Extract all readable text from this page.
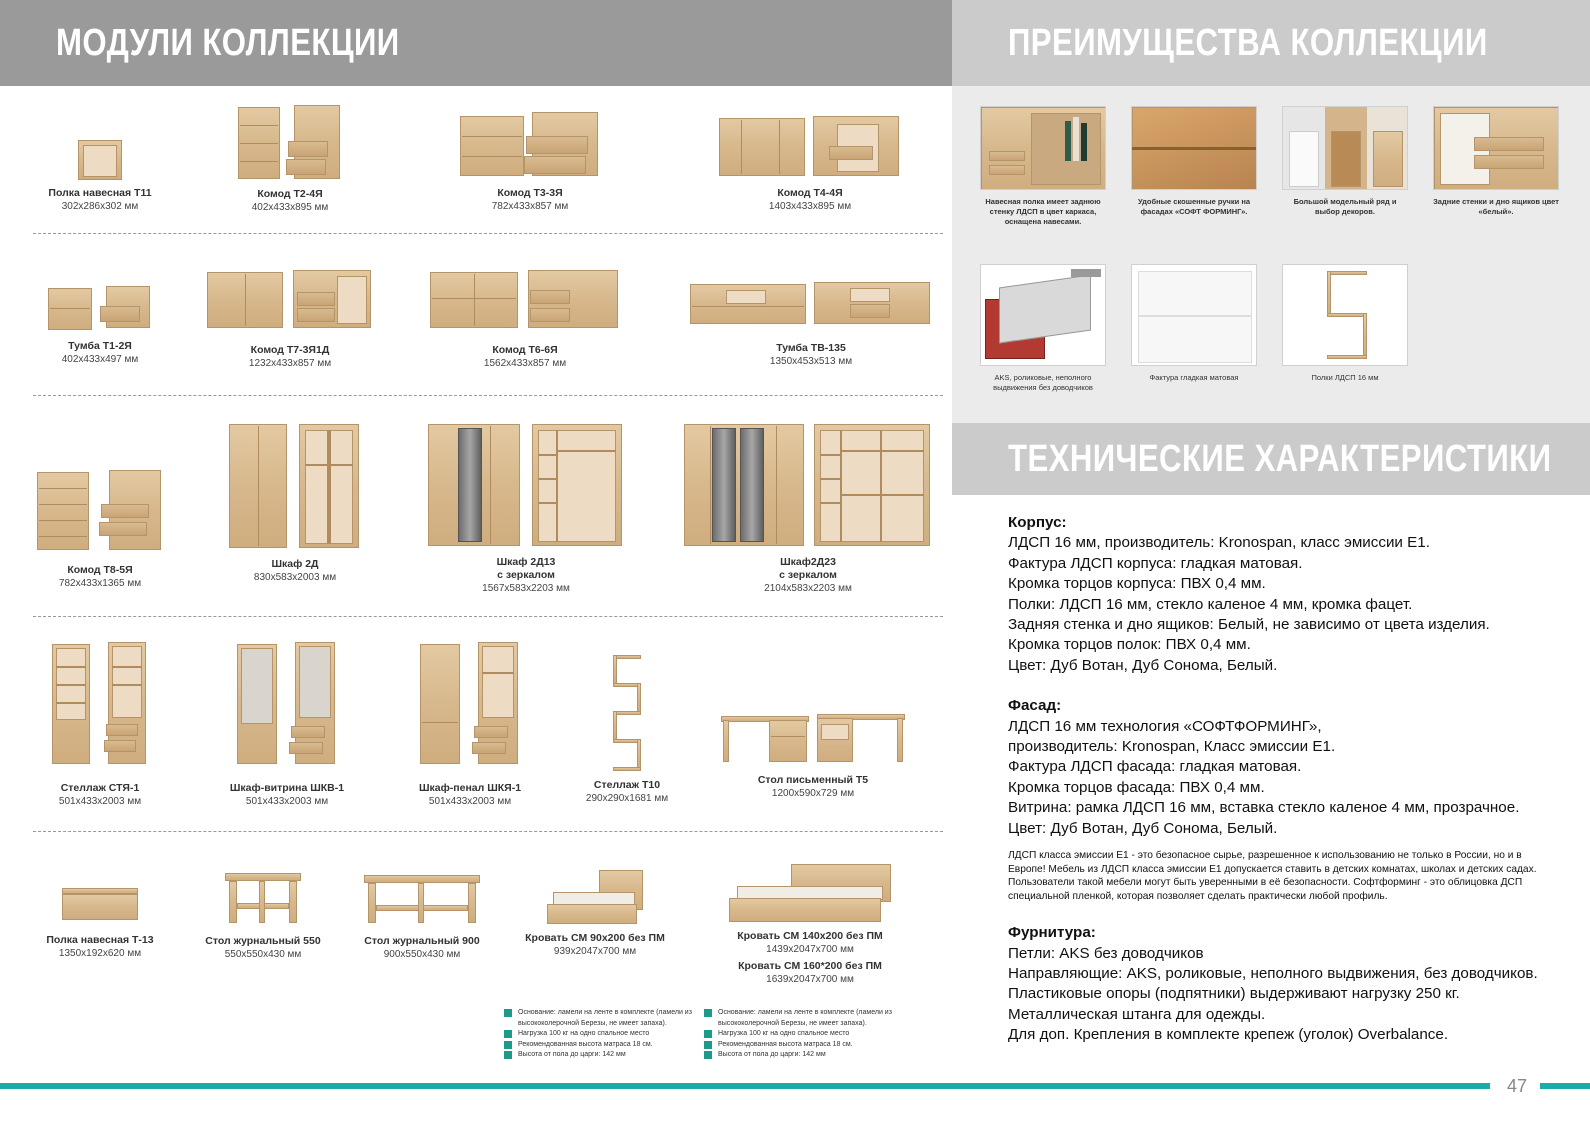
МОДУЛИ КОЛЛЕКЦИИ	ПРЕИМУЩЕСТВА КОЛЛЕКЦИИ
ТЕХНИЧЕСКИЕ ХАРАКТЕРИСТИКИ
Полка навесная Т11
302х286х302 мм
Комод Т2-4Я
402х433х895 мм
Комод Т3-3Я
782х433х857 мм
Комод Т4-4Я
1403х433х895 мм
Тумба Т1-2Я
402х433х497 мм
Комод Т7-3Я1Д
1232х433х857 мм
Комод Т6-6Я
1562х433х857 мм
Тумба ТВ-135
1350х453х513 мм
Комод Т8-5Я
782х433х1365 мм
Шкаф 2Д
830х583х2003 мм
Шкаф 2Д13
с зеркалом
1567х583х2203 мм
Шкаф2Д23
с зеркалом
2104х583х2203 мм
Стеллаж СТЯ-1
501х433х2003 мм
Шкаф-витрина ШКВ-1
501х433х2003 мм
Шкаф-пенал ШКЯ-1
501х433х2003 мм
Стеллаж Т10
290х290х1681 мм
Стол письменный Т5
1200х590х729 мм
Полка навесная Т-13
1350х192х620 мм
Стол журнальный 550
550х550х430 мм
Стол журнальный 900
900х550х430 мм
Кровать СМ 90х200 без ПМ
939х2047х700 мм
Кровать СМ 140х200 без ПМ
1439х2047х700 мм
Кровать СМ 160*200 без ПМ
1639х2047х700 мм
Основание: ламели на ленте в комплекте (ламели из высококолерочной Березы, не имеет запаха).
Нагрузка 100 кг на одно спальное место
Рекомендованная высота матраса 18 см.
Высота от пола до царги: 142 мм
Основание: ламели на ленте в комплекте (ламели из высококолерочной Березы, не имеет запаха).
Нагрузка 100 кг на одно спальное место
Рекомендованная высота матраса 18 см.
Высота от пола до царги: 142 мм
Навесная полка имеет заднюю стенку ЛДСП в цвет каркаса, оснащена навесами.
Удобные скошенные ручки на фасадах «СОФТ ФОРМИНГ».
Большой модельный ряд и выбор декоров.
Задние стенки и дно ящиков цвет «белый».
AKS, роликовые, неполного выдвижения без доводчиков
Фактура гладкая матовая	Полки ЛДСП 16 мм
Корпус:
ЛДСП 16 мм, производитель: Kronospan, класс эмиссии Е1.
Фактура ЛДСП корпуса: гладкая матовая.
Кромка торцов корпуса: ПВХ 0,4 мм.
Полки: ЛДСП 16 мм, стекло каленое 4 мм, кромка фацет.
Задняя стенка и дно ящиков: Белый, не зависимо от цвета изделия.
Кромка торцов полок: ПВХ 0,4 мм.
Цвет: Дуб Вотан, Дуб Сонома, Белый.
Фасад:
ЛДСП 16 мм технология «СОФТФОРМИНГ»,
производитель: Kronospan, Класс эмиссии Е1.
Фактура ЛДСП фасада: гладкая матовая.
Кромка торцов фасада: ПВХ 0,4 мм.
Витрина: рамка ЛДСП 16 мм, вставка стекло каленое 4 мм, прозрачное.
Цвет: Дуб Вотан, Дуб Сонома, Белый.
ЛДСП класса эмиссии Е1 - это безопасное сырье, разрешенное к использованию не только в России, но и в
Европе! Мебель из ЛДСП класса эмиссии Е1 допускается ставить в детских комнатах, школах и детских садах.
Пользователи такой мебели могут быть уверенными в её безопасности. Софтформинг - это облицовка ДСП
специальной пленкой, которая позволяет сделать практически любой профиль.
Фурнитура:
Петли: AKS без доводчиков
Направляющие: AKS, роликовые, неполного выдвижения, без доводчиков.
Пластиковые опоры (подпятники) выдерживают нагрузку 250 кг.
Металлическая штанга для одежды.
Для доп. Крепления в комплекте крепеж (уголок) Overbalance.
47
